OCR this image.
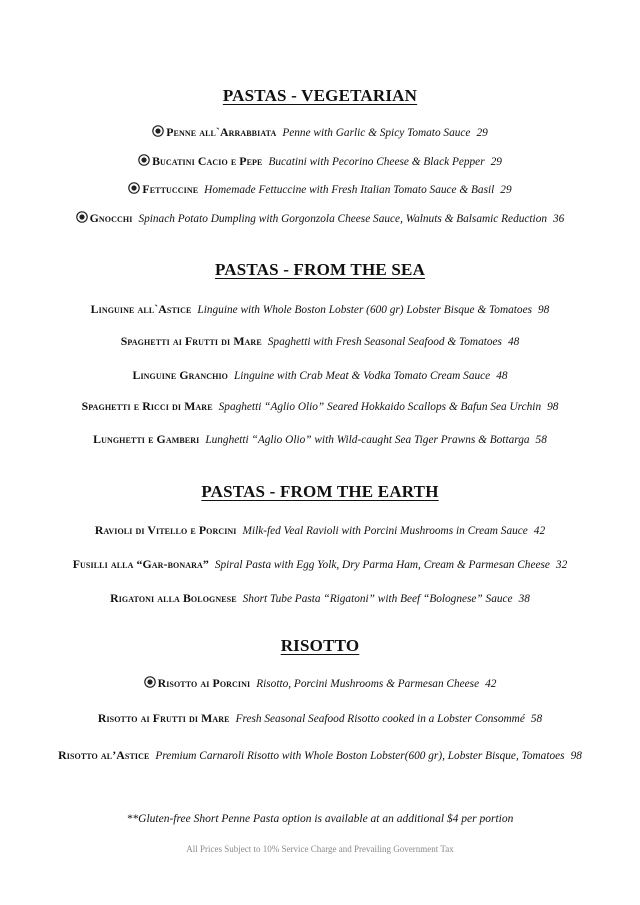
PASTAS - VEGETARIAN
Penne all`Arrabbiata Penne with Garlic & Spicy Tomato Sauce 29
Bucatini Cacio e Pepe Bucatini with Pecorino Cheese & Black Pepper 29
Fettuccine Homemade Fettuccine with Fresh Italian Tomato Sauce & Basil 29
Gnocchi Spinach Potato Dumpling with Gorgonzola Cheese Sauce, Walnuts & Balsamic Reduction 36
PASTAS - FROM THE SEA
Linguine all`Astice Linguine with Whole Boston Lobster (600 gr) Lobster Bisque & Tomatoes 98
Spaghetti ai Frutti di Mare Spaghetti with Fresh Seasonal Seafood & Tomatoes 48
Linguine Granchio Linguine with Crab Meat & Vodka Tomato Cream Sauce 48
Spaghetti e Ricci di Mare Spaghetti “Aglio Olio” Seared Hokkaido Scallops & Bafun Sea Urchin 98
Lunghetti e Gamberi Lunghetti “Aglio Olio” with Wild-caught Sea Tiger Prawns & Bottarga 58
PASTAS - FROM THE EARTH
Ravioli di Vitello e Porcini Milk-fed Veal Ravioli with Porcini Mushrooms in Cream Sauce 42
Fusilli alla “Gar-bonara” Spiral Pasta with Egg Yolk, Dry Parma Ham, Cream & Parmesan Cheese 32
Rigatoni alla Bolognese Short Tube Pasta “Rigatoni” with Beef “Bolognese” Sauce 38
RISOTTO
Risotto ai Porcini Risotto, Porcini Mushrooms & Parmesan Cheese 42
Risotto ai Frutti di Mare Fresh Seasonal Seafood Risotto cooked in a Lobster Consommé 58
Risotto al’Astice Premium Carnaroli Risotto with Whole Boston Lobster(600 gr), Lobster Bisque, Tomatoes 98
**Gluten-free Short Penne Pasta option is available at an additional $4 per portion
All Prices Subject to 10% Service Charge and Prevailing Government Tax
